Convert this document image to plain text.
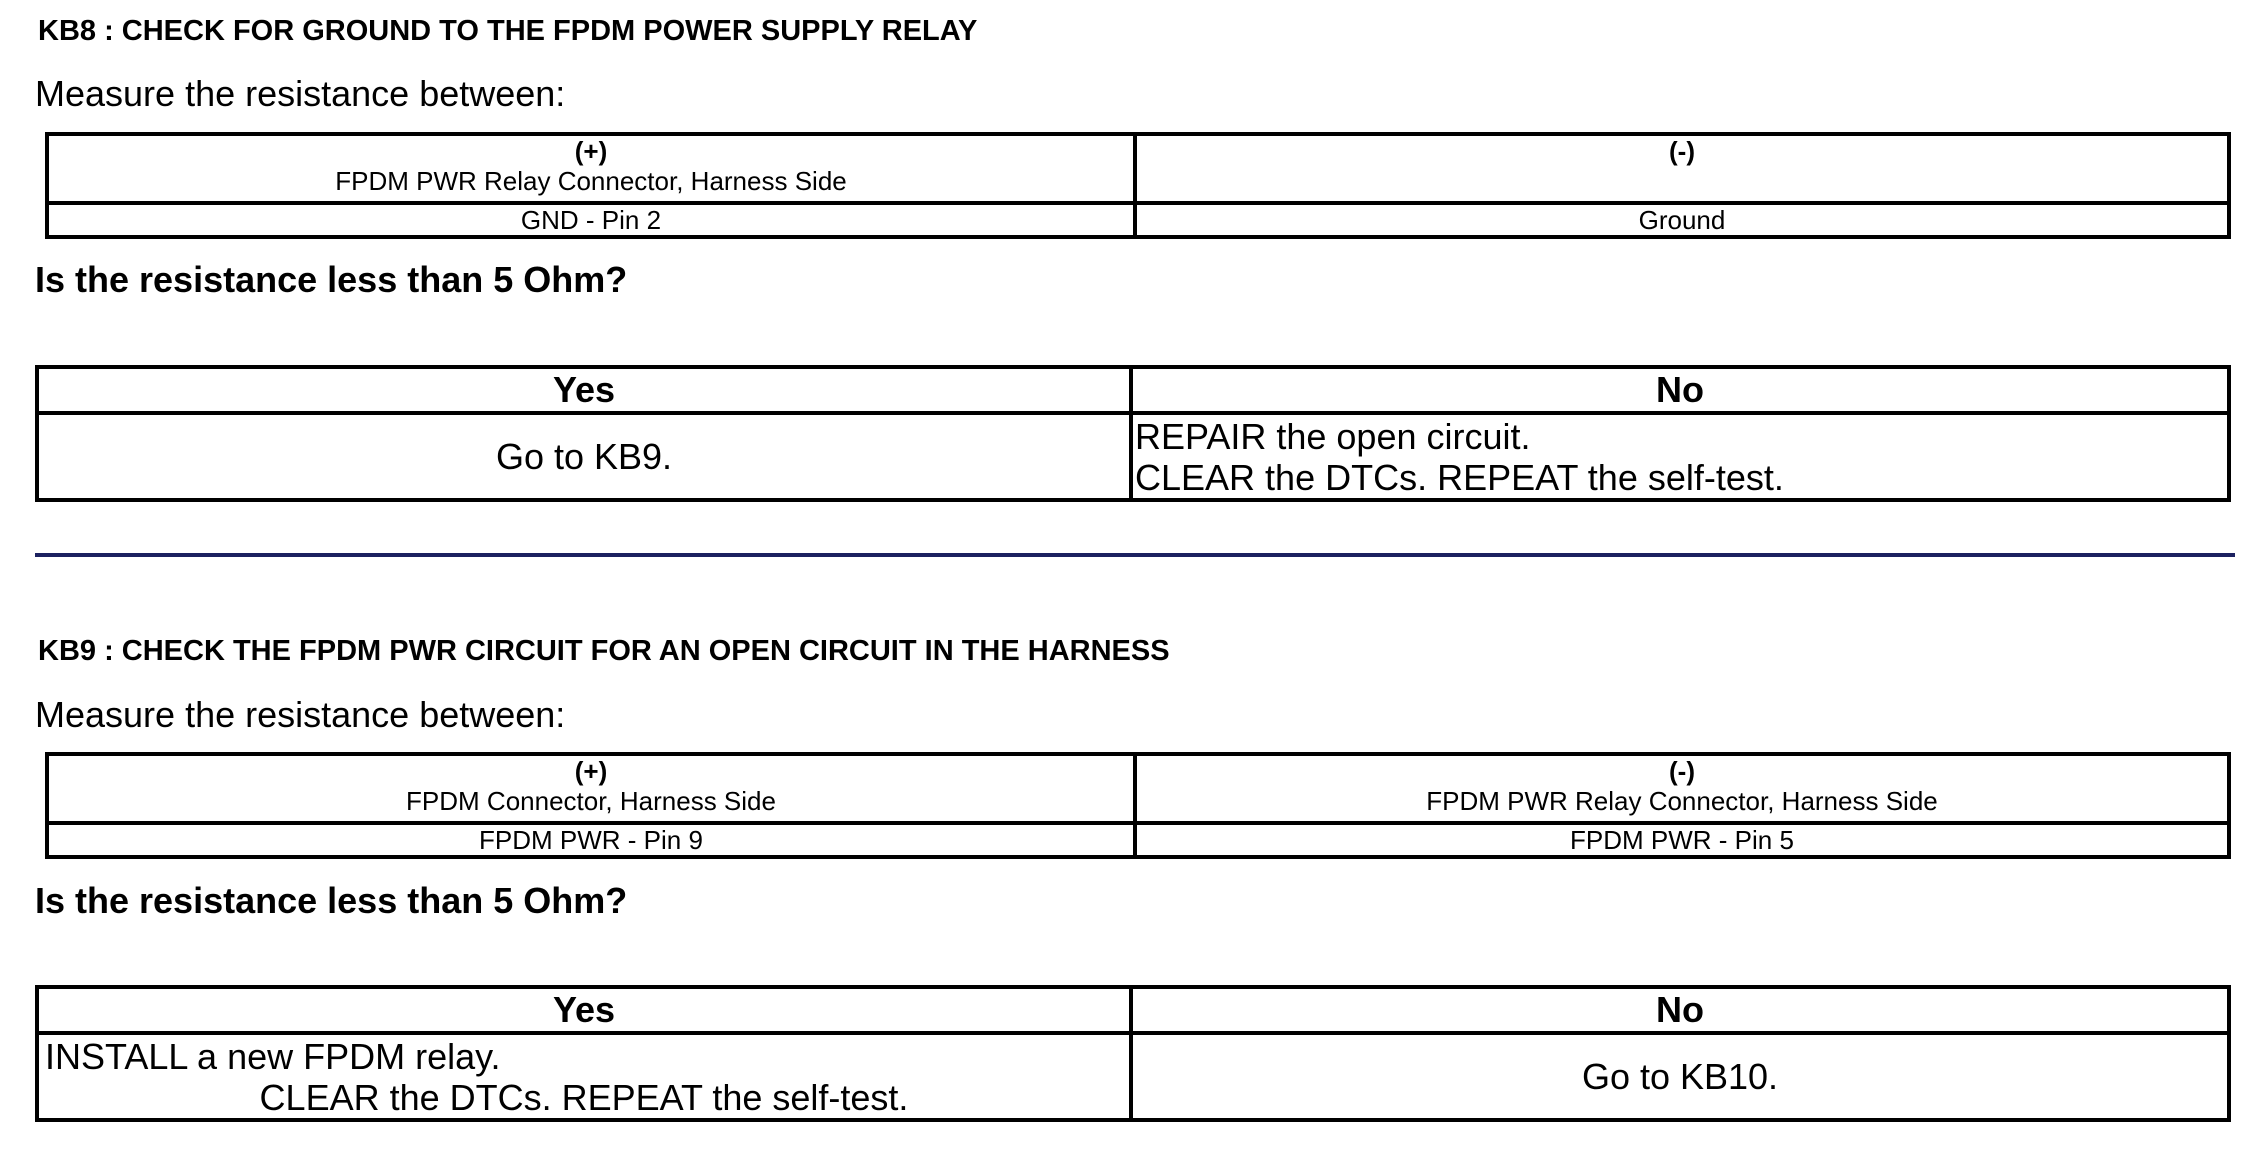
KB8 : CHECK FOR GROUND TO THE FPDM POWER SUPPLY RELAY
Measure the resistance between:
(+)
FPDM PWR Relay Connector, Harness Side	(-)

GND - Pin 2	Ground
Is the resistance less than 5 Ohm?
Yes	No
Go to KB9.	REPAIR the open circuit.
CLEAR the DTCs. REPEAT the self-test.
KB9 : CHECK THE FPDM PWR CIRCUIT FOR AN OPEN CIRCUIT IN THE HARNESS
Measure the resistance between:
(+)
FPDM Connector, Harness Side	(-)
FPDM PWR Relay Connector, Harness Side

FPDM PWR - Pin 9	FPDM PWR - Pin 5
Is the resistance less than 5 Ohm?
Yes	No

INSTALL a new FPDM relay.
CLEAR the DTCs. REPEAT the self-test.	Go to KB10.
